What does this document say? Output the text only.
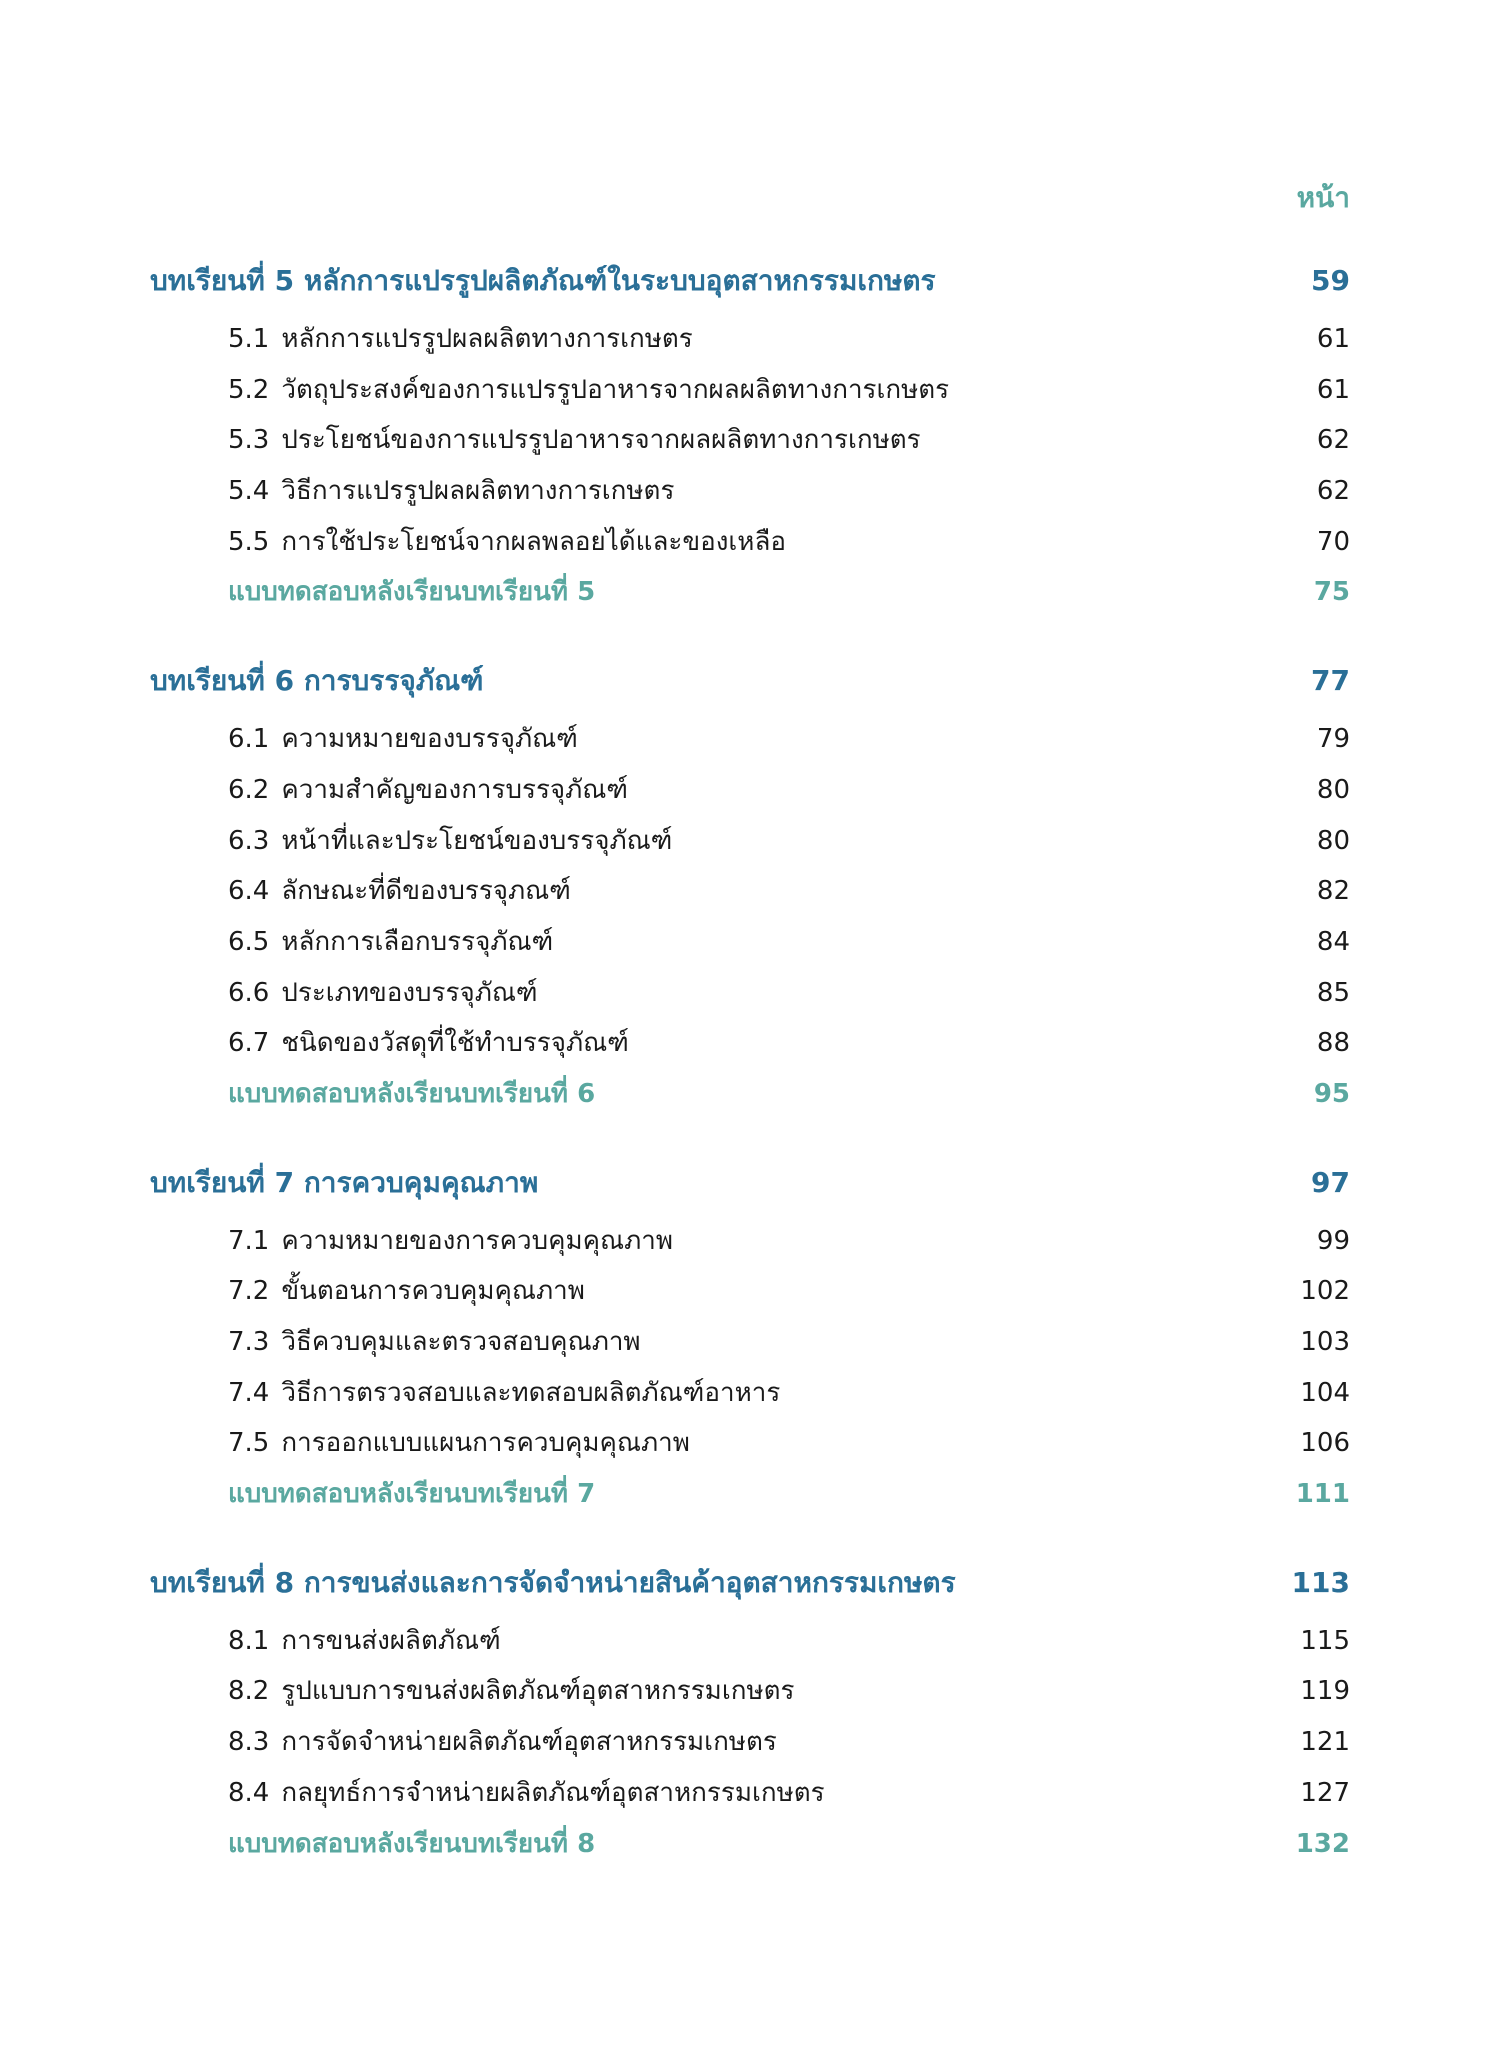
หน้า
บทเรียนที่ 5 หลักการแปรรูปผลิตภัณฑ์ในระบบอุตสาหกรรมเกษตร	59
5.1 หลักการแปรรูปผลผลิตทางการเกษตร	61
5.2 วัตถุประสงค์ของการแปรรูปอาหารจากผลผลิตทางการเกษตร	61
5.3 ประโยชน์ของการแปรรูปอาหารจากผลผลิตทางการเกษตร	62
5.4 วิธีการแปรรูปผลผลิตทางการเกษตร	62
5.5 การใช้ประโยชน์จากผลพลอยได้และของเหลือ	70
แบบทดสอบหลังเรียนบทเรียนที่ 5	75
บทเรียนที่ 6 การบรรจุภัณฑ์	77
6.1 ความหมายของบรรจุภัณฑ์	79
6.2 ความสำคัญของการบรรจุภัณฑ์	80
6.3 หน้าที่และประโยชน์ของบรรจุภัณฑ์	80
6.4 ลักษณะที่ดีของบรรจุภณฑ์	82
6.5 หลักการเลือกบรรจุภัณฑ์	84
6.6 ประเภทของบรรจุภัณฑ์	85
6.7 ชนิดของวัสดุที่ใช้ทำบรรจุภัณฑ์	88
แบบทดสอบหลังเรียนบทเรียนที่ 6	95
บทเรียนที่ 7 การควบคุมคุณภาพ	97
7.1 ความหมายของการควบคุมคุณภาพ	99
7.2 ขั้นตอนการควบคุมคุณภาพ	102
7.3 วิธีควบคุมและตรวจสอบคุณภาพ	103
7.4 วิธีการตรวจสอบและทดสอบผลิตภัณฑ์อาหาร	104
7.5 การออกแบบแผนการควบคุมคุณภาพ	106
แบบทดสอบหลังเรียนบทเรียนที่ 7	111
บทเรียนที่ 8 การขนส่งและการจัดจำหน่ายสินค้าอุตสาหกรรมเกษตร	113
8.1 การขนส่งผลิตภัณฑ์	115
8.2 รูปแบบการขนส่งผลิตภัณฑ์อุตสาหกรรมเกษตร	119
8.3 การจัดจำหน่ายผลิตภัณฑ์อุตสาหกรรมเกษตร	121
8.4 กลยุทธ์การจำหน่ายผลิตภัณฑ์อุตสาหกรรมเกษตร	127
แบบทดสอบหลังเรียนบทเรียนที่ 8	132
